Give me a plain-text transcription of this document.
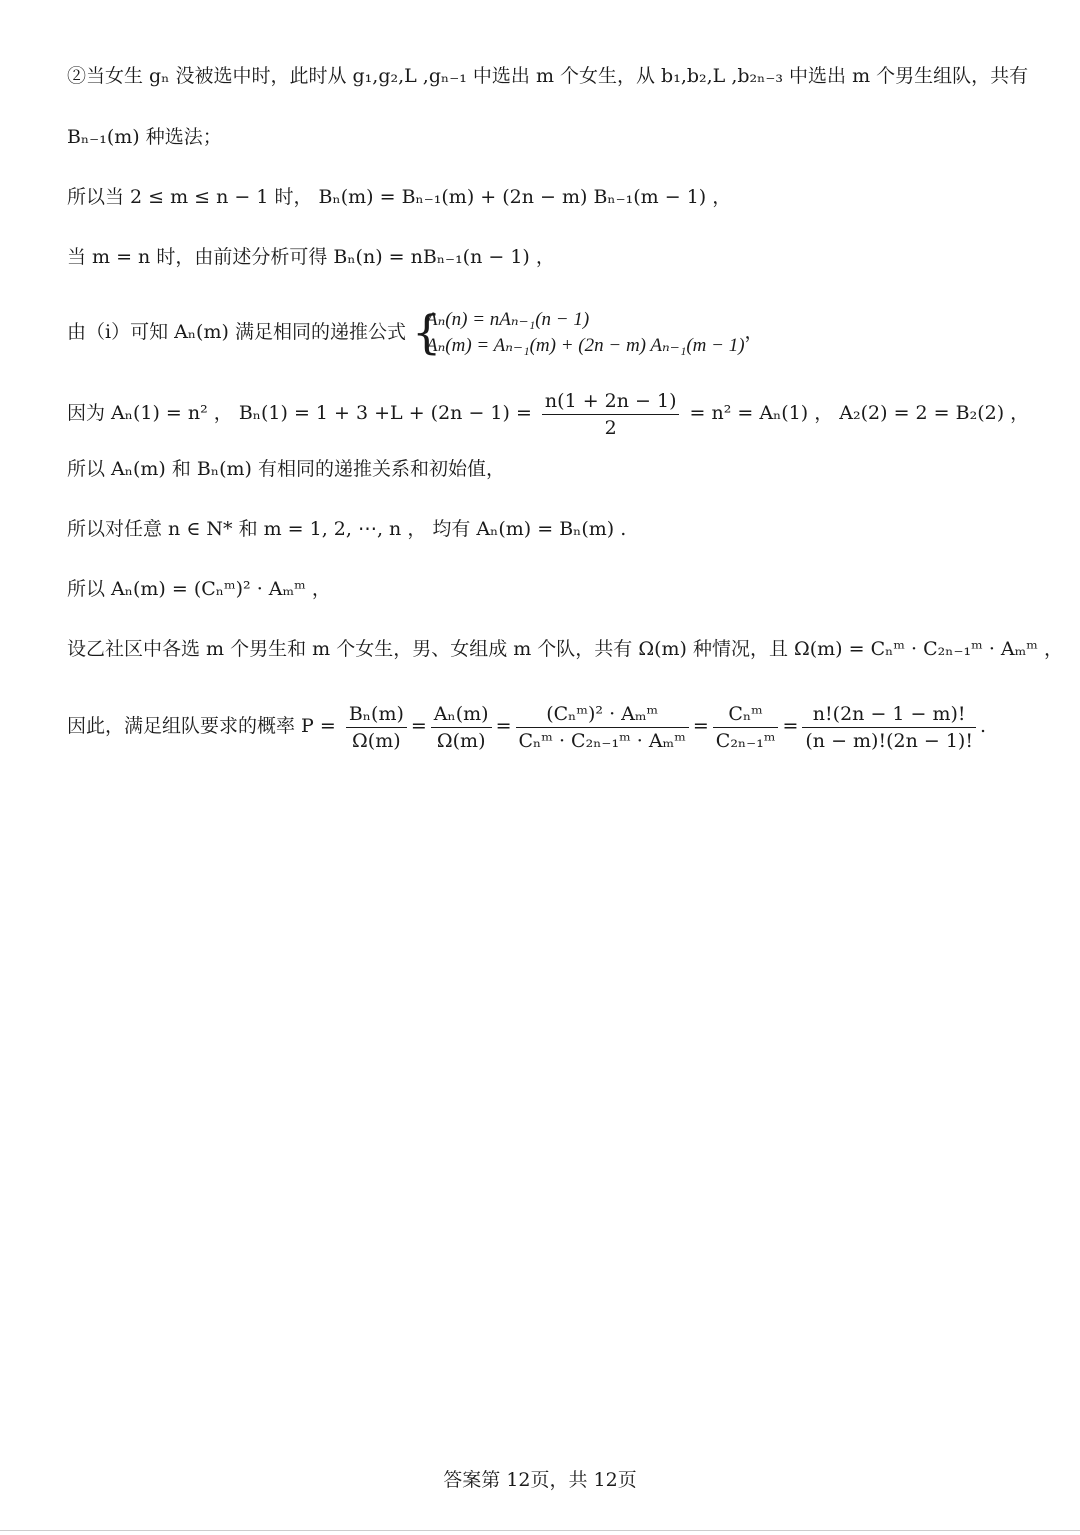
②当女生 gₙ 没被选中时，此时从 g₁,g₂,L ,gₙ₋₁ 中选出 m 个女生，从 b₁,b₂,L ,b₂ₙ₋₃ 中选出 m 个男生组队，共有
Bₙ₋₁(m) 种选法；
所以当 2 ≤ m ≤ n − 1 时， Bₙ(m) = Bₙ₋₁(m) + (2n − m) Bₙ₋₁(m − 1) ，
当 m = n 时，由前述分析可得 Bₙ(n) = nBₙ₋₁(n − 1) ，
由（i）可知 Aₙ(m) 满足相同的递推公式 {
Aₙ(n) = nAₙ₋₁(n − 1)
Aₙ(m) = Aₙ₋₁(m) + (2n − m) Aₙ₋₁(m − 1)
，
因为 Aₙ(1) = n² ， $B_n(1) = 1 + 3 +L + (2n - 1) = \frac{n(1 + 2n - 1)}{2} = n^2 = A_n(1)$ ， A₂(2) = 2 = B₂(2) ，
所以 Aₙ(m) 和 Bₙ(m) 有相同的递推关系和初始值，
所以对任意 n ∈ N* 和 m = 1, 2, ⋯, n ， 均有 Aₙ(m) = Bₙ(m) .
所以 Aₙ(m) = (Cₙᵐ)² · Aₘᵐ ，
设乙社区中各选 m 个男生和 m 个女生，男、女组成 m 个队，共有 Ω(m) 种情况，且 Ω(m) = Cₙᵐ · C₂ₙ₋₁ᵐ · Aₘᵐ ，
因此，满足组队要求的概率 $P = \frac{\text{Bₙ(m)}}{\Omega(m)} = \frac{\text{Aₙ(m)}}{\Omega(m)} = \frac{\text{(Cₙᵐ)² · Aₘᵐ}}{\text{Cₙᵐ · C₂ₙ₋₁ᵐ · Aₘᵐ}} = \frac{\text{Cₙᵐ}}{\text{C₂ₙ₋₁ᵐ}} = \frac{n!(2n - 1 - m)!}{(n - m)!(2n - 1)!}$ .
答案第 12页，共 12页
